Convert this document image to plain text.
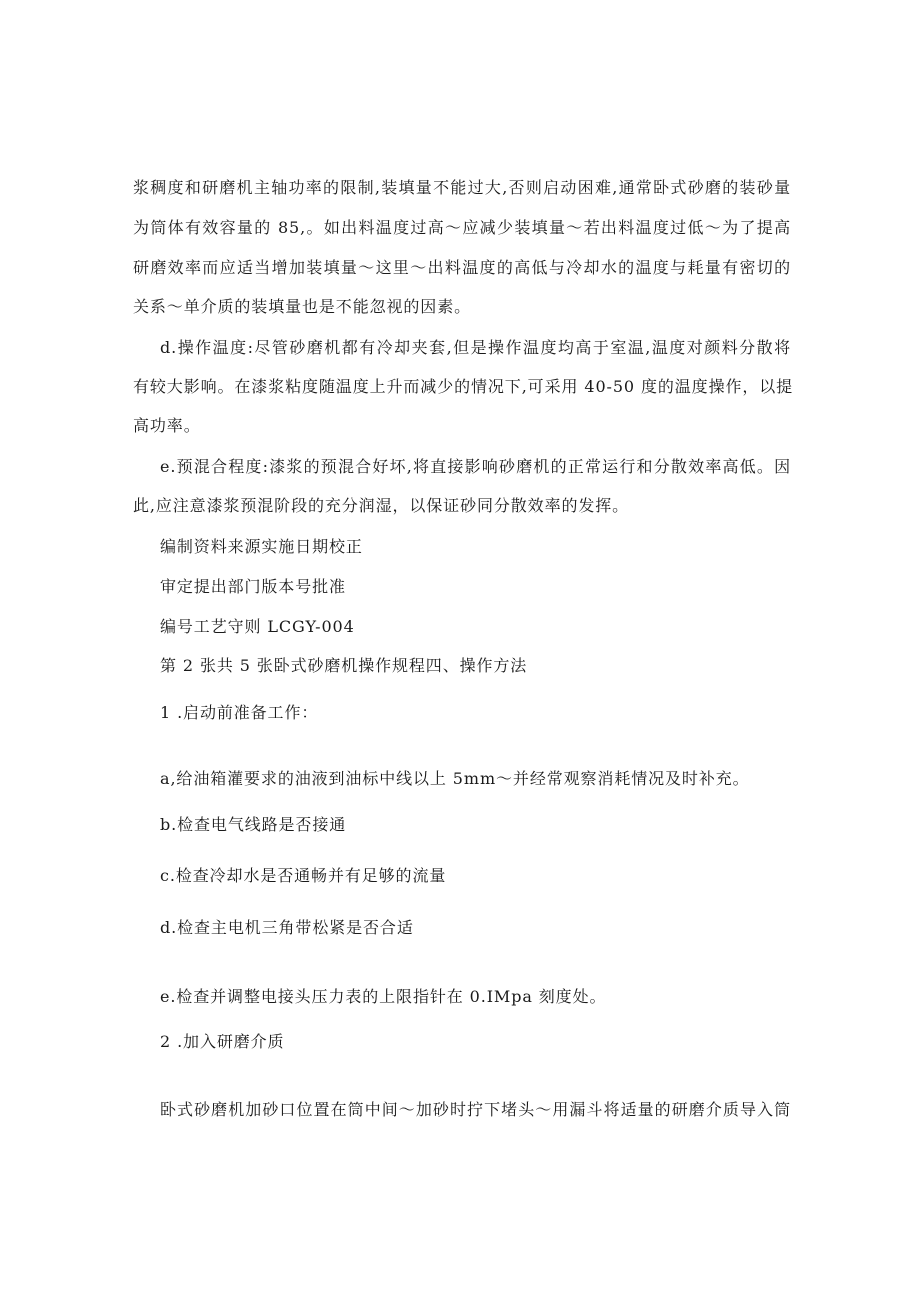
浆稠度和研磨机主轴功率的限制,装填量不能过大,否则启动困难,通常卧式砂磨的装砂量
为筒体有效容量的 85,。如出料温度过高～应减少装填量～若出料温度过低～为了提高
研磨效率而应适当增加装填量～这里～出料温度的高低与冷却水的温度与耗量有密切的
关系～单介质的装填量也是不能忽视的因素。
d.操作温度:尽管砂磨机都有冷却夹套,但是操作温度均高于室温,温度对颜料分散将
有较大影响。在漆浆粘度随温度上升而减少的情况下,可采用 40-50 度的温度操作，以提
高功率。
e.预混合程度:漆浆的预混合好坏,将直接影响砂磨机的正常运行和分散效率高低。因
此,应注意漆浆预混阶段的充分润湿，以保证砂同分散效率的发挥。
编制资料来源实施日期校正
审定提出部门版本号批准
编号工艺守则 LCGY-004
第 2 张共 5 张卧式砂磨机操作规程四、操作方法
1 .启动前准备工作：
a,给油箱灌要求的油液到油标中线以上 5mm～并经常观察消耗情况及时补充。
b.检查电气线路是否接通
c.检查冷却水是否通畅并有足够的流量
d.检查主电机三角带松紧是否合适
e.检查并调整电接头压力表的上限指针在 0.IMpa 刻度处。
2 .加入研磨介质
卧式砂磨机加砂口位置在筒中间～加砂时拧下堵头～用漏斗将适量的研磨介质导入筒
